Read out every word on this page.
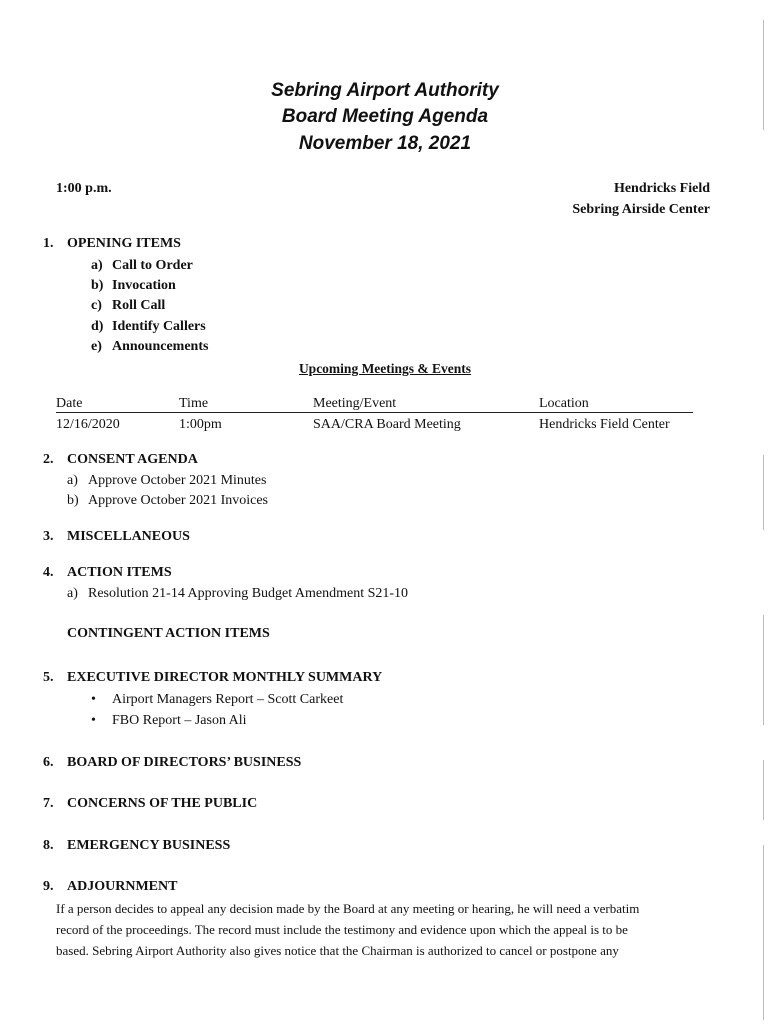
Sebring Airport Authority
Board Meeting Agenda
November 18, 2021
1:00 p.m.	Hendricks Field
Sebring Airside Center
1. OPENING ITEMS
a) Call to Order
b) Invocation
c) Roll Call
d) Identify Callers
e) Announcements
Upcoming Meetings & Events
Date	Time	Meeting/Event	Location
12/16/2020	1:00pm	SAA/CRA Board Meeting	Hendricks Field Center
2. CONSENT AGENDA
a) Approve October 2021 Minutes
b) Approve October 2021 Invoices
3. MISCELLANEOUS
4. ACTION ITEMS
a) Resolution 21-14 Approving Budget Amendment S21-10
CONTINGENT ACTION ITEMS
5. EXECUTIVE DIRECTOR MONTHLY SUMMARY
• Airport Managers Report – Scott Carkeet
• FBO Report – Jason Ali
6. BOARD OF DIRECTORS’ BUSINESS
7. CONCERNS OF THE PUBLIC
8. EMERGENCY BUSINESS
9. ADJOURNMENT
If a person decides to appeal any decision made by the Board at any meeting or hearing, he will need a verbatim
record of the proceedings. The record must include the testimony and evidence upon which the appeal is to be
based. Sebring Airport Authority also gives notice that the Chairman is authorized to cancel or postpone any
